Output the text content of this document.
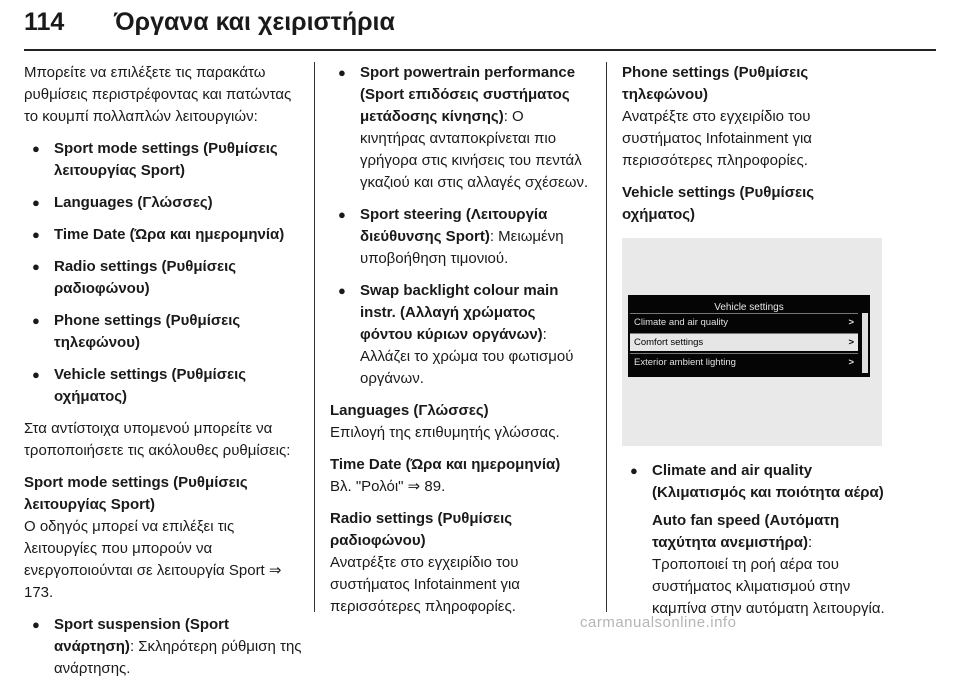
114 Όργανα και χειριστήρια

Μπορείτε να επιλέξετε τις παρακάτω ρυθμίσεις περιστρέφοντας και πατώντας το κουμπί πολλαπλών λειτουργιών:

● Sport mode settings (Ρυθμίσεις λειτουργίας Sport)
● Languages (Γλώσσες)
● Time Date (Ώρα και ημερομηνία)
● Radio settings (Ρυθμίσεις ραδιοφώνου)
● Phone settings (Ρυθμίσεις τηλεφώνου)
● Vehicle settings (Ρυθμίσεις οχήματος)

Στα αντίστοιχα υπομενού μπορείτε να τροποποιήσετε τις ακόλουθες ρυθμίσεις:

Sport mode settings (Ρυθμίσεις λειτουργίας Sport)

Ο οδηγός μπορεί να επιλέξει τις λειτουργίες που μπορούν να ενεργοποιούνται σε λειτουργία Sport ⇒ 173.

● Sport suspension (Sport ανάρτηση): Σκληρότερη ρύθμιση της ανάρτησης.
● Sport powertrain performance (Sport επιδόσεις συστήματος μετάδοσης κίνησης): Ο κινητήρας ανταποκρίνεται πιο γρήγορα στις κινήσεις του πεντάλ γκαζιού και στις αλλαγές σχέσεων.
● Sport steering (Λειτουργία διεύθυνσης Sport): Μειωμένη υποβοήθηση τιμονιού.
● Swap backlight colour main instr. (Αλλαγή χρώματος φόντου κύριων οργάνων): Αλλάζει το χρώμα του φωτισμού οργάνων.

Languages (Γλώσσες)

Επιλογή της επιθυμητής γλώσσας.

Time Date (Ώρα και ημερομηνία)

Βλ. "Ρολόι" ⇒ 89.

Radio settings (Ρυθμίσεις ραδιοφώνου)

Ανατρέξτε στο εγχειρίδιο του συστήματος Infotainment για περισσότερες πληροφορίες.

Phone settings (Ρυθμίσεις τηλεφώνου)

Ανατρέξτε στο εγχειρίδιο του συστήματος Infotainment για περισσότερες πληροφορίες.

Vehicle settings (Ρυθμίσεις οχήματος)

Vehicle settings
Climate and air quality	>
Comfort settings	>
Exterior ambient lighting	>
● Climate and air quality (Κλιματισμός και ποιότητα αέρα)
Auto fan speed (Αυτόματη ταχύτητα ανεμιστήρα): Τροποποιεί τη ροή αέρα του συστήματος κλιματισμού στην καμπίνα στην αυτόματη λειτουργία.
carmanualsonline.info
